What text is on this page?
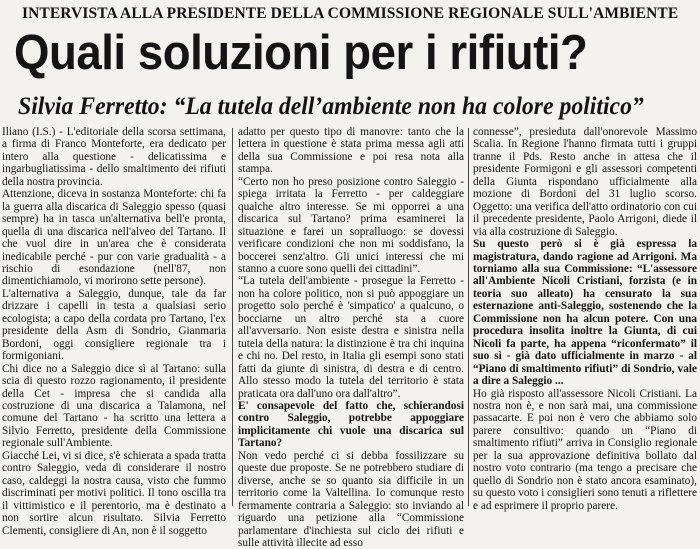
INTERVISTA ALLA PRESIDENTE DELLA COMMISSIONE REGIONALE SULL'AMBIENTE
Quali soluzioni per i rifiuti?
Silvia Ferretto: “La tutela dell’ambiente non ha colore politico”

Iliano (I.S.) - L'editoriale della scorsa settimana, a firma di Franco Monteforte, era dedicato per intero alla questione - delicatissima e ingarbugliatissima - dello smaltimento dei rifiuti della nostra provincia.

Attenzione, diceva in sostanza Monteforte: chi fa la guerra alla discarica di Saleggio spesso (quasi sempre) ha in tasca un'alternativa bell'e pronta, quella di una discarica nell'alveo del Tartano. Il che vuol dire in un'area che è considerata inedicabile perché - pur con varie gradualità - a rischio di esondazione (nell'87, non dimentichiamolo, vi morirono sette persone).

L'alternativa a Saleggio, dunque, tale da far drizzare i capelli in testa a qualsiasi serio ecologista; a capo della cordata pro Tartano, l'ex presidente della Asm di Sondrio, Gianmaria Bordoni, oggi consigliere regionale tra i formigoniani.

Chi dice no a Saleggio dice sì al Tartano: sulla scia di questo rozzo ragionamento, il presidente della Cet - impresa che si candida alla costruzione di una discarica a Talamona, nel comune del Tartano - ha scritto una lettera a Silvio Ferretto, presidente della Commissione regionale sull'Ambiente.

Giacché Lei, vi si dice, s'è schierata a spada tratta contro Saleggio, veda di considerare il nostro caso, caldeggi la nostra causa, visto che fummo discriminati per motivi politici. Il tono oscilla tra il vittimistico e il perentorio, ma è destinato a non sortire alcun risultato. Silvia Ferretto Clementi, consigliere di An, non è il soggetto

adatto per questo tipo di manovre: tanto che la lettera in questione è stata prima messa agli atti della sua Commissione e poi resa nota alla stampa.

“Certo non ho preso posizione contro Saleggio - spiega irritata la Ferretto - per caldeggiare qualche altro interesse. Se mi opporrei a una discarica sul Tartano? prima esaminerei la situazione e farei un sopralluogo: se dovessi verificare condizioni che non mi soddisfano, la boccerei senz'altro. Gli unici interessi che mi stanno a cuore sono quelli dei cittadini”.

“La tutela dell'ambiente - prosegue la Ferretto - non ha colore politico, non si può appoggiare un progetto solo perché è 'simpatico' a qualcuno, o bocciarne un altro perché sta a cuore all'avversario. Non esiste destra e sinistra nella tutela della natura: la distinzione è tra chi inquina e chi no. Del resto, in Italia gli esempi sono stati fatti da giunte di sinistra, di destra e di centro. Allo stesso modo la tutela del territorio è stata praticata ora dall'uno ora dall'altro”.

E' consapevole del fatto che, schierandosi contro Saleggio, potrebbe appoggiare implicitamente chi vuole una discarica sul Tartano?

Non vedo perché ci si debba fossilizzare su queste due proposte. Se ne potrebbero studiare di diverse, anche se so quanto sia difficile in un territorio come la Valtellina. Io comunque resto fermamente contraria a Saleggio: sto inviando al riguardo una petizione alla “Commissione parlamentare d'inchiesta sul ciclo dei rifiuti e sulle attività illecite ad esso

connesse”, presieduta dall'onorevole Massimo Scalia. In Regione l'hanno firmata tutti i gruppi tranne il Pds. Resto anche in attesa che il presidente Formigoni e gli assessori competenti della Giunta rispondano ufficialmente alla mozione di Bordoni del 31 luglio scorso. Oggetto: una verifica dell'atto ordinatorio con cui il precedente presidente, Paolo Arrigoni, diede il via alla costruzione di Saleggio.

Su questo però si è già espressa la magistratura, dando ragione ad Arrigoni. Ma torniamo alla sua Commissione: “L'assessore all'Ambiente Nicoli Cristiani, forzista (e in teoria suo alleato) ha censurato la sua esternazione anti-Saleggio, sostenendo che la Commissione non ha alcun potere. Con una procedura insolita inoltre la Giunta, di cui Nicoli fa parte, ha appena “riconfermato” il suo sì - già dato ufficialmente in marzo - al “Piano di smaltimento rifiuti” di Sondrio, vale a dire a Saleggio ...

Ho già risposto all'assessore Nicoli Cristiani. La nostra non è, e non sarà mai, una commissione passacarte. E poi non è vero che abbiamo solo parere consultivo: quando un “Piano di smaltimento rifiuti” arriva in Consiglio regionale per la sua approvazione definitiva bollato dal nostro voto contrario (ma tengo a precisare che quello di Sondrio non è stato ancora esaminato), su questo voto i consiglieri sono tenuti a riflettere e ad esprimere il proprio parere.
